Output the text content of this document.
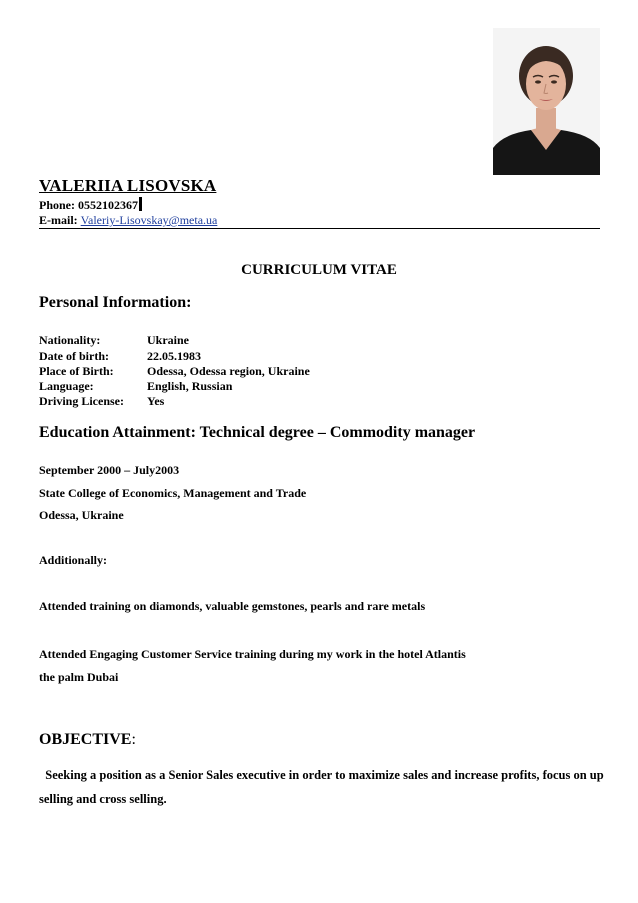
VALERIIA LISOVSKA
Phone: 0552102367
E-mail: Valeriy-Lisovskay@meta.ua
CURRICULUM VITAE
Personal Information:
Nationality:	Ukraine
Date of birth:	22.05.1983
Place of Birth:	Odessa, Odessa region, Ukraine
Language:	English, Russian
Driving License: Yes
Education Attainment: Technical degree – Commodity manager
September 2000 – July2003
State College of Economics, Management and Trade
Odessa, Ukraine
Additionally:
Attended training on diamonds, valuable gemstones, pearls and rare metals
Attended Engaging Customer Service training during my work in the hotel Atlantis
the palm Dubai
OBJECTIVE:
Seeking a position as a Senior Sales executive in order to maximize sales and increase profits, focus on up selling and cross selling.
